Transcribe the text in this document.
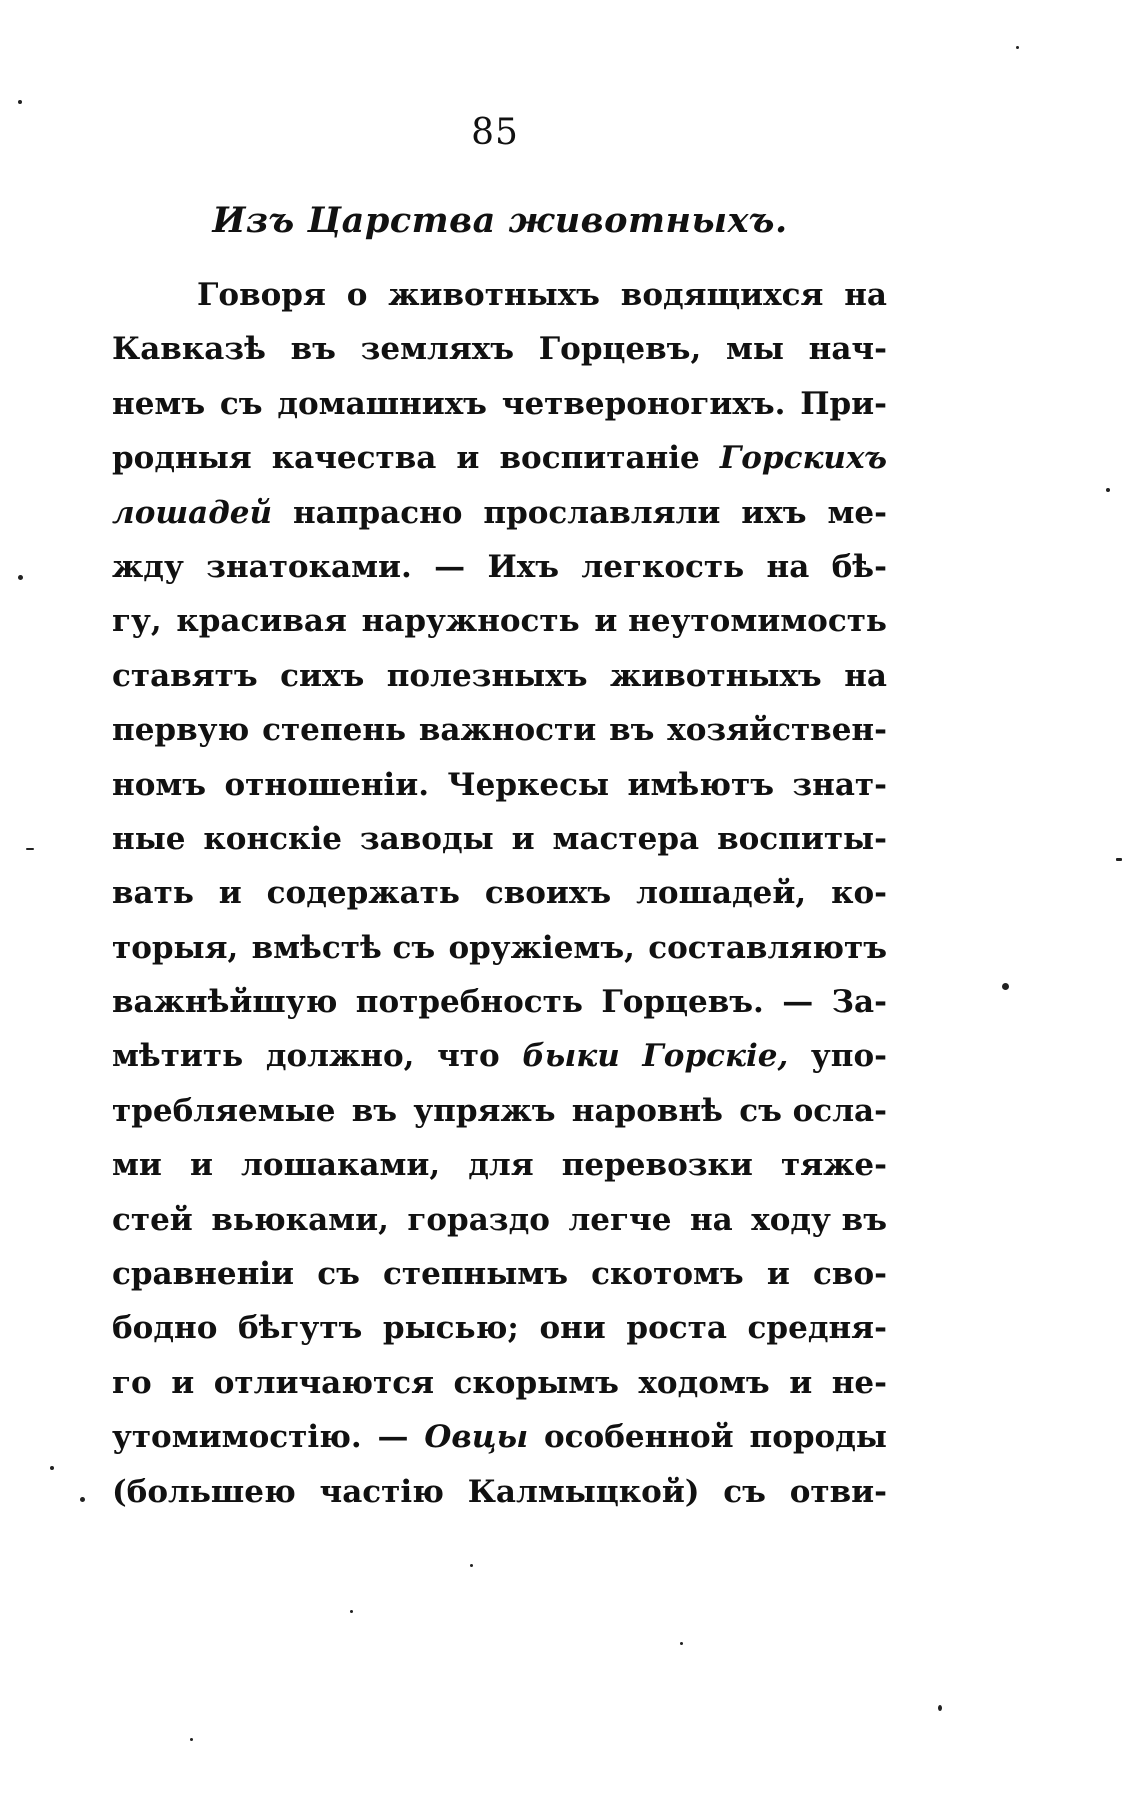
85
Изъ Царства животныхъ.
Говоря о животныхъ водящихся на
Кавказѣ въ земляхъ Горцевъ, мы нач-
немъ съ домашнихъ четвероногихъ. При-
родныя качества и воспитаніе Горскихъ
лошадей напрасно прославляли ихъ ме-
жду знатоками. — Ихъ легкость на бѣ-
гу, красивая наружность и неутомимость
ставятъ сихъ полезныхъ животныхъ на
первую степень важности въ хозяйствен-
номъ отношеніи. Черкесы имѣютъ знат-
ные конскіе заводы и мастера воспиты-
вать и содержать своихъ лошадей, ко-
торыя, вмѣстѣ съ оружіемъ, составляютъ
важнѣйшую потребность Горцевъ. — За-
мѣтить должно, что быки Горскіе, упо-
требляемые въ упряжъ наровнѣ съ осла-
ми и лошаками, для перевозки тяже-
стей вьюками, гораздо легче на ходу въ
сравненіи съ степнымъ скотомъ и сво-
бодно бѣгутъ рысью; они роста средня-
го и отличаются скорымъ ходомъ и не-
утомимостію. — Овцы особенной породы
(большею частію Калмыцкой) съ отви-
